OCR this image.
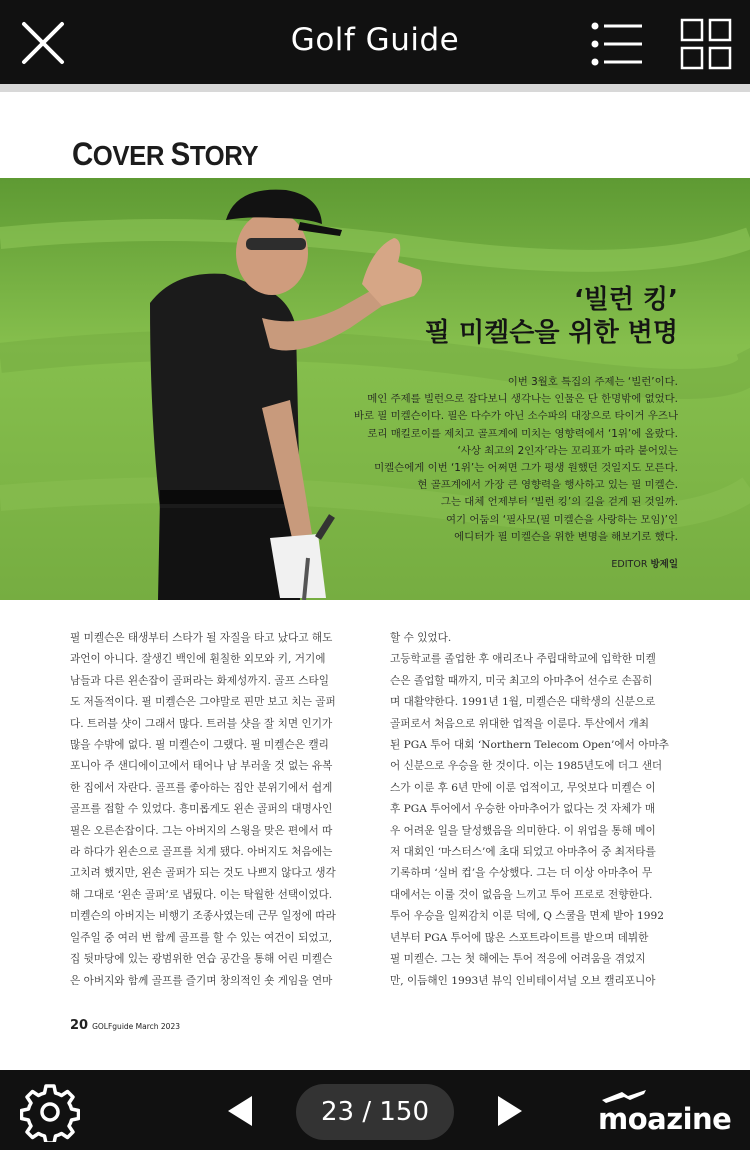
Golf Guide
COVER STORY
‘빌런 킹’
필 미켈슨을 위한 변명

이번 3월호 특집의 주제는 ‘빌런’이다.

메인 주제를 빌런으로 잡다보니 생각나는 인물은 단 한명밖에 없었다.

바로 필 미켈슨이다. 필은 다수가 아닌 소수파의 대장으로 타이거 우즈나

로리 매킬로이를 제치고 골프계에 미치는 영향력에서 ‘1위’에 올랐다.

‘사상 최고의 2인자’라는 꼬리표가 따라 붙어있는

미켈슨에게 이번 ‘1위’는 어쩌면 그가 평생 원했던 것일지도 모른다.

현 골프계에서 가장 큰 영향력을 행사하고 있는 필 미켈슨.

그는 대체 언제부터 ‘빌런 킹’의 길을 걷게 된 것일까.

여기 어둠의 ‘필사모(필 미켈슨을 사랑하는 모임)’인

에디터가 필 미켈슨을 위한 변명을 해보기로 했다.

EDITOR 방제일

필 미켈슨은 태생부터 스타가 될 자질을 타고 났다고 해도

과언이 아니다. 잘생긴 백인에 훤칠한 외모와 키, 거기에

남들과 다른 왼손잡이 골퍼라는 화제성까지. 골프 스타일

도 저돌적이다. 필 미켈슨은 그야말로 핀만 보고 치는 골퍼

다. 트러블 샷이 그래서 많다. 트러블 샷을 잘 치면 인기가

많을 수밖에 없다. 필 미켈슨이 그랬다. 필 미켈슨은 캘리

포니아 주 샌디에이고에서 태어나 남 부러울 것 없는 유복

한 집에서 자란다. 골프를 좋아하는 집안 분위기에서 쉽게

골프를 접할 수 있었다. 흥미롭게도 왼손 골퍼의 대명사인

필은 오른손잡이다. 그는 아버지의 스윙을 맞은 편에서 따

라 하다가 왼손으로 골프를 치게 됐다. 아버지도 처음에는

고치려 했지만, 왼손 골퍼가 되는 것도 나쁘지 않다고 생각

해 그대로 ‘왼손 골퍼’로 냅뒀다. 이는 탁월한 선택이었다.

미켈슨의 아버지는 비행기 조종사였는데 근무 일정에 따라

일주일 중 여러 번 함께 골프를 할 수 있는 여건이 되었고,

집 뒷마당에 있는 광범위한 연습 공간을 통해 어린 미켈슨

은 아버지와 함께 골프를 즐기며 창의적인 숏 게임을 연마

할 수 있었다.

고등학교를 졸업한 후 애리조나 주립대학교에 입학한 미켈

슨은 졸업할 때까지, 미국 최고의 아마추어 선수로 손꼽히

며 대활약한다. 1991년 1월, 미켈슨은 대학생의 신분으로

골퍼로서 처음으로 위대한 업적을 이룬다. 투산에서 개최

된 PGA 투어 대회 ‘Northern Telecom Open’에서 아마추

어 신분으로 우승을 한 것이다. 이는 1985년도에 더그 샌더

스가 이룬 후 6년 만에 이룬 업적이고, 무엇보다 미켈슨 이

후 PGA 투어에서 우승한 아마추어가 없다는 것 자체가 매

우 어려운 일을 달성했음을 의미한다. 이 위업을 통해 메이

저 대회인 ‘마스터스’에 초대 되었고 아마추어 중 최저타를

기록하며 ‘실버 컵’을 수상했다. 그는 더 이상 아마추어 무

대에서는 이룰 것이 없음을 느끼고 투어 프로로 전향한다.

투어 우승을 일찌감치 이룬 덕에, Q 스쿨을 면제 받아 1992

년부터 PGA 투어에 많은 스포트라이트를 받으며 데뷔한

필 미켈슨. 그는 첫 해에는 투어 적응에 어려움을 겪었지

만, 이듬해인 1993년 뷰익 인비테이셔널 오브 캘리포니아

20 GOLFguide March 2023
23 / 150	moazine
